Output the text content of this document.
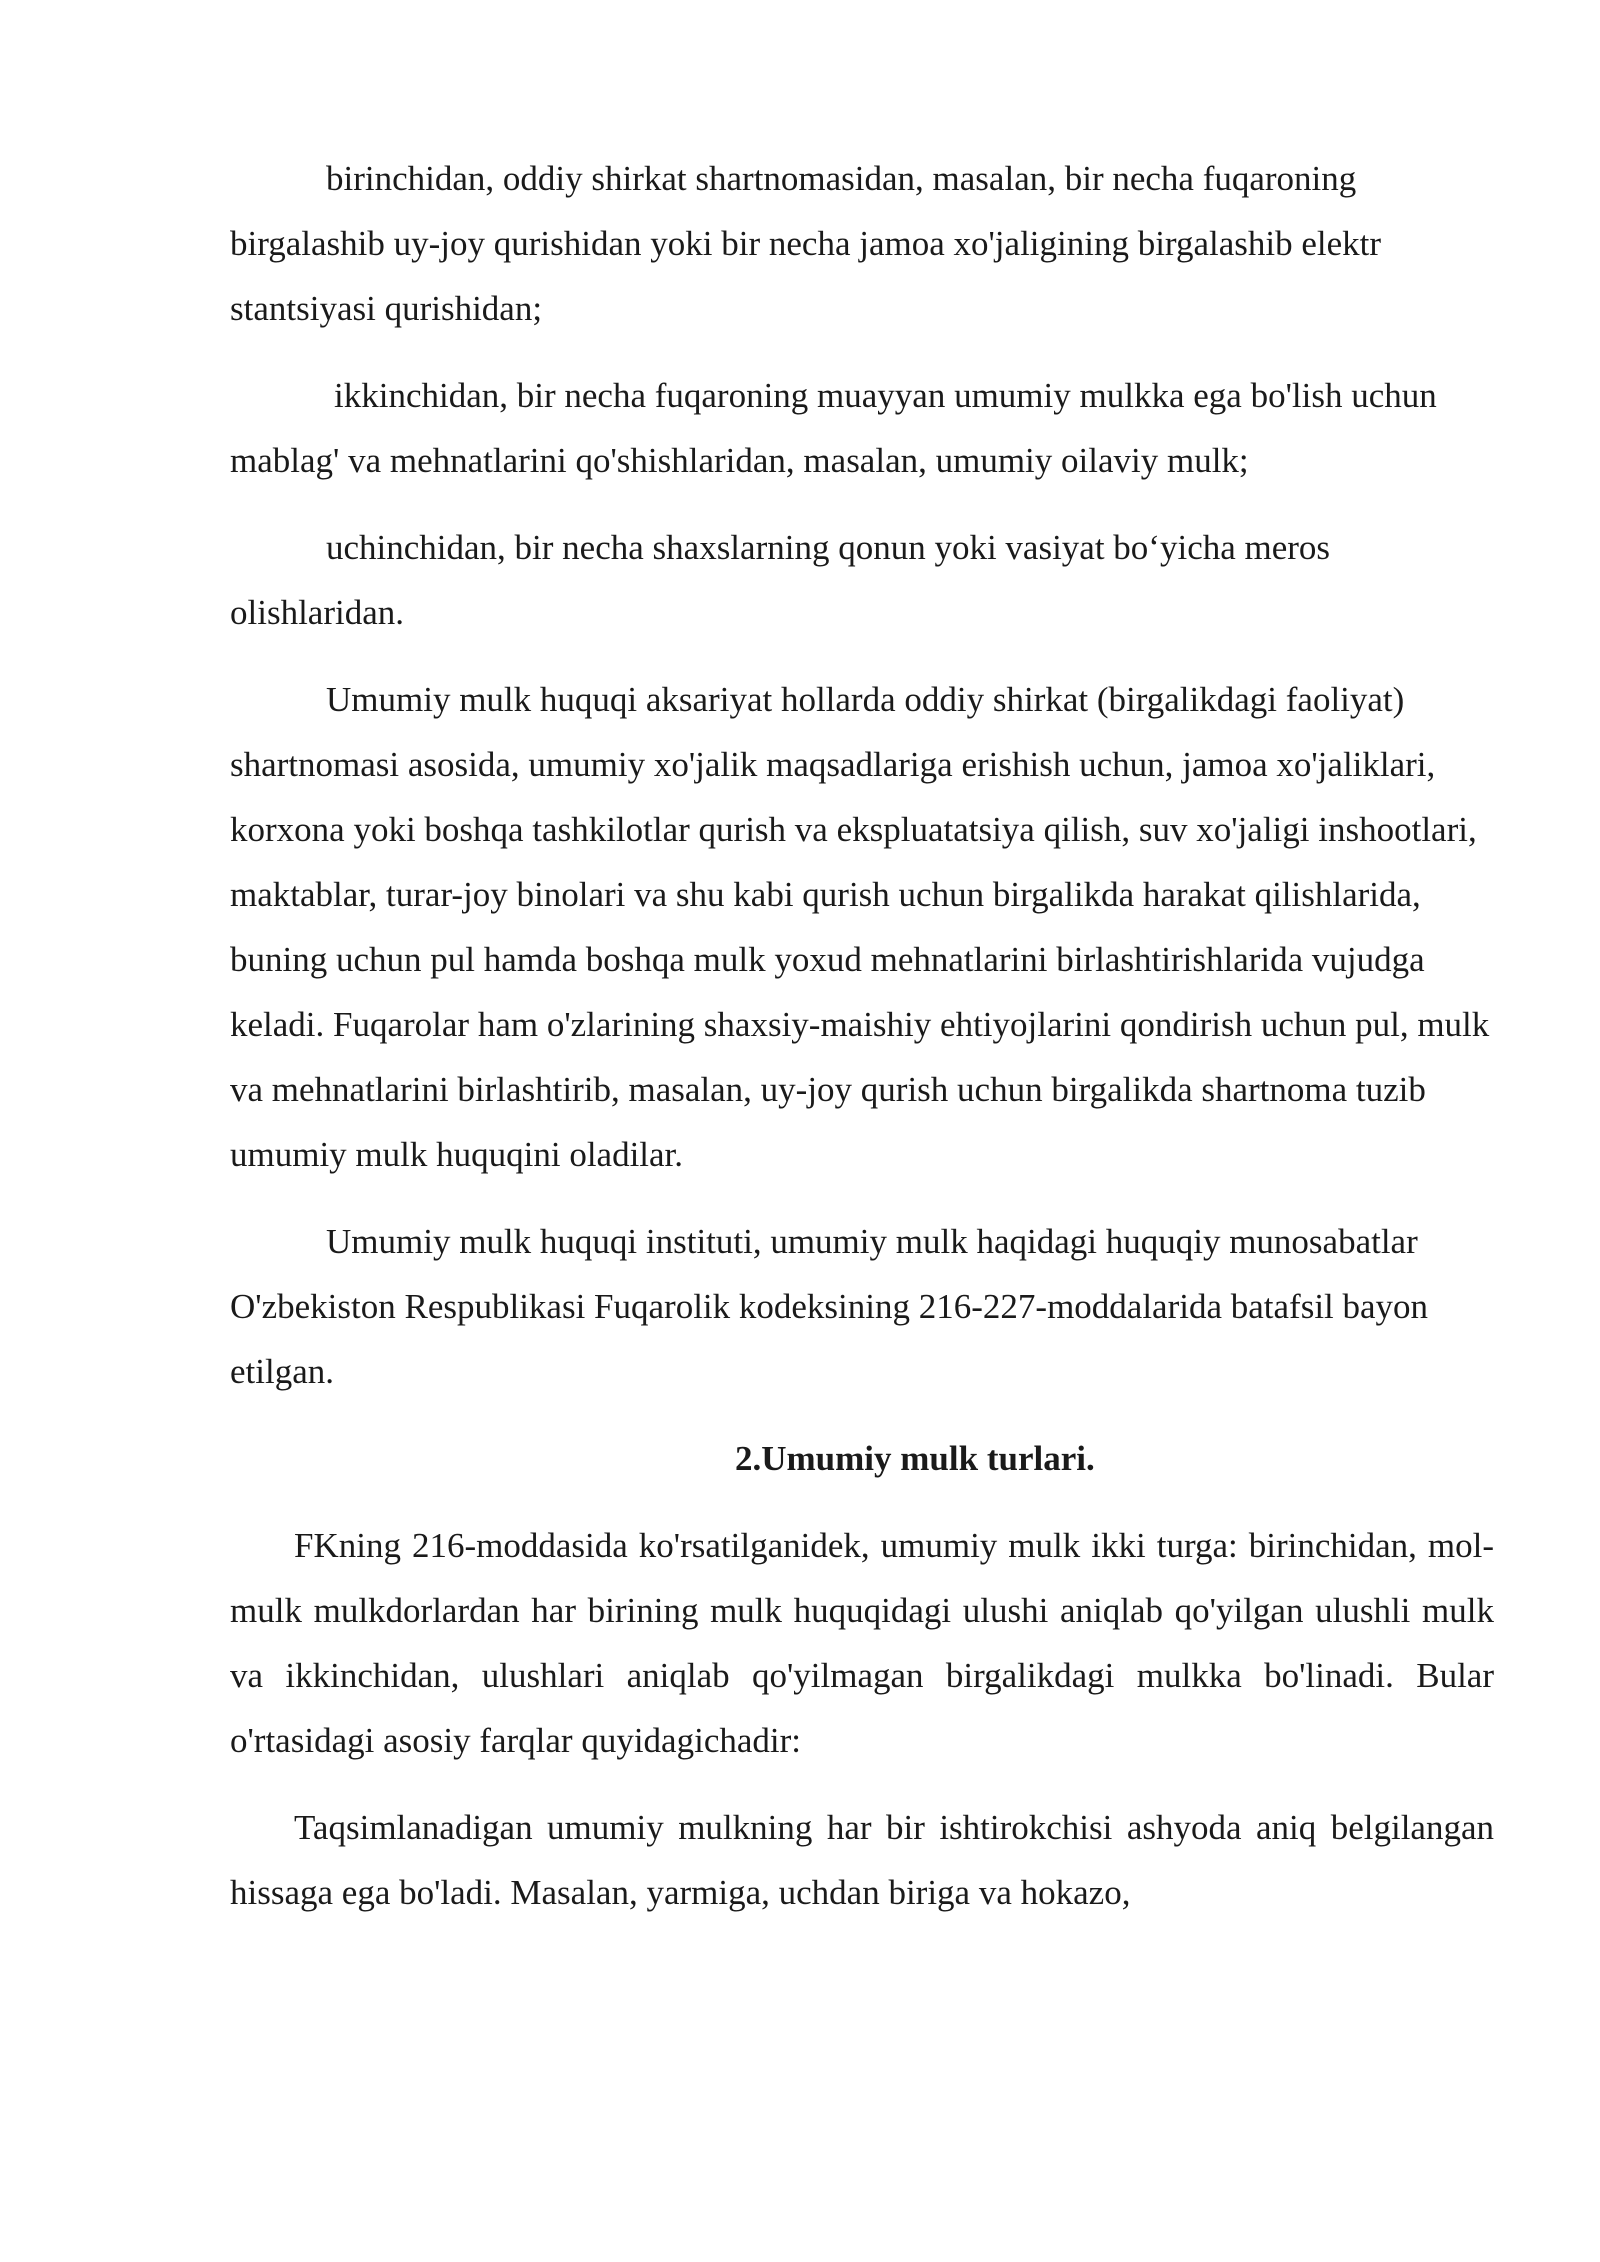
birinchidan, oddiy shirkat shartnomasidan, masalan, bir necha fuqaroning birgalashib uy-joy qurishidan yoki bir necha jamoa xo'jaligining birgalashib elektr stantsiyasi qurishidan;

ikkinchidan, bir necha fuqaroning muayyan umumiy mulkka ega bo'lish uchun mablag' va mehnatlarini qo'shishlaridan, masalan, umumiy oilaviy mulk;

uchinchidan, bir necha shaxslarning qonun yoki vasiyat bo‘yicha meros olishlaridan.

Umumiy mulk huquqi aksariyat hollarda oddiy shirkat (birgalikdagi faoliyat) shartnomasi asosida, umumiy xo'jalik maqsadlariga erishish uchun, jamoa xo'jaliklari, korxona yoki boshqa tashkilotlar qurish va ekspluatatsiya qilish, suv xo'jaligi inshootlari, maktablar, turar-joy binolari va shu kabi qurish uchun birgalikda harakat qilishlarida, buning uchun pul hamda boshqa mulk yoxud mehnatlarini birlashtirishlarida vujudga keladi. Fuqarolar ham o'zlarining shaxsiy-maishiy ehtiyojlarini qondirish uchun pul, mulk va mehnatlarini birlashtirib, masalan, uy-joy qurish uchun birgalikda shartnoma tuzib umumiy mulk huquqini oladilar.

Umumiy mulk huquqi instituti, umumiy mulk haqidagi huquqiy munosabatlar O'zbekiston Respublikasi Fuqarolik kodeksining 216-227-moddalarida batafsil bayon etilgan.

2.Umumiy mulk turlari.

FKning 216-moddasida ko'rsatilganidek, umumiy mulk ikki turga: birinchidan, mol-mulk mulkdorlardan har birining mulk huquqidagi ulushi aniqlab qo'yilgan ulushli mulk va ikkinchidan, ulushlari aniqlab qo'yilmagan birgalikdagi mulkka bo'linadi. Bular o'rtasidagi asosiy farqlar quyidagichadir:

Taqsimlanadigan umumiy mulkning har bir ishtirokchisi ashyoda aniq belgilangan hissaga ega bo'ladi. Masalan, yarmiga, uchdan biriga va hokazo,
